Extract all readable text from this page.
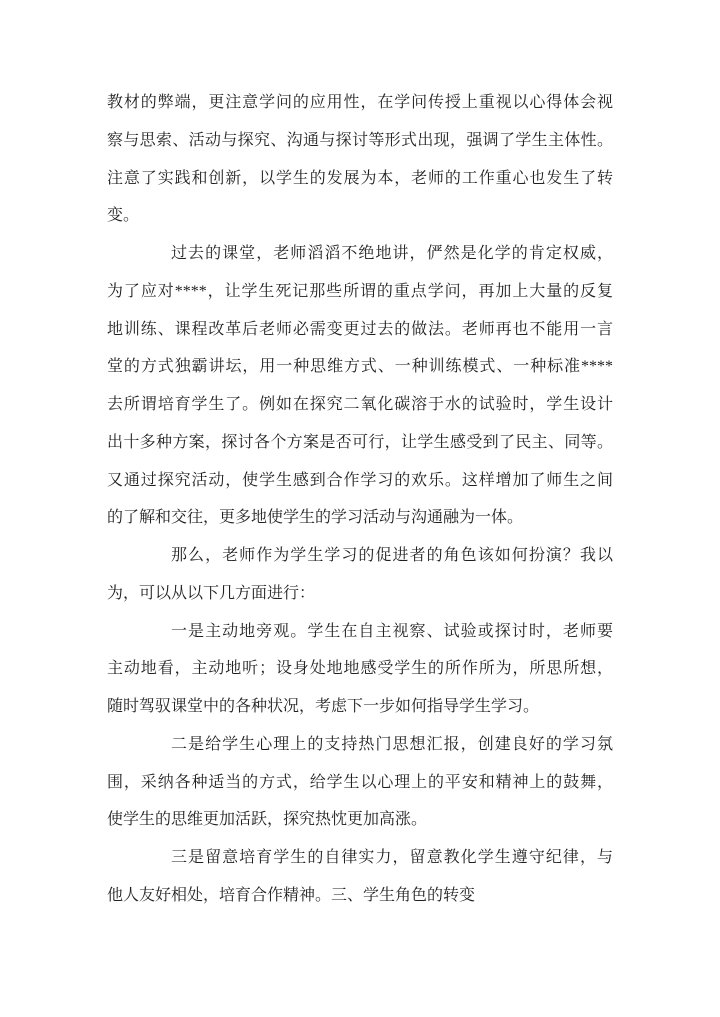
教材的弊端，更注意学问的应用性，在学问传授上重视以心得体会视
察与思索、活动与探究、沟通与探讨等形式出现，强调了学生主体性。
注意了实践和创新，以学生的发展为本，老师的工作重心也发生了转
变。
过去的课堂，老师滔滔不绝地讲，俨然是化学的肯定权威，
为了应对****，让学生死记那些所谓的重点学问，再加上大量的反复
地训练、课程改革后老师必需变更过去的做法。老师再也不能用一言
堂的方式独霸讲坛，用一种思维方式、一种训练模式、一种标准****
去所谓培育学生了。例如在探究二氧化碳溶于水的试验时，学生设计
出十多种方案，探讨各个方案是否可行，让学生感受到了民主、同等。
又通过探究活动，使学生感到合作学习的欢乐。这样增加了师生之间
的了解和交往，更多地使学生的学习活动与沟通融为一体。
那么，老师作为学生学习的促进者的角色该如何扮演？我以
为，可以从以下几方面进行：
一是主动地旁观。学生在自主视察、试验或探讨时，老师要
主动地看，主动地听；设身处地地感受学生的所作所为，所思所想，
随时驾驭课堂中的各种状况，考虑下一步如何指导学生学习。
二是给学生心理上的支持热门思想汇报，创建良好的学习氛
围，采纳各种适当的方式，给学生以心理上的平安和精神上的鼓舞，
使学生的思维更加活跃，探究热忱更加高涨。
三是留意培育学生的自律实力，留意教化学生遵守纪律，与
他人友好相处，培育合作精神。三、学生角色的转变
